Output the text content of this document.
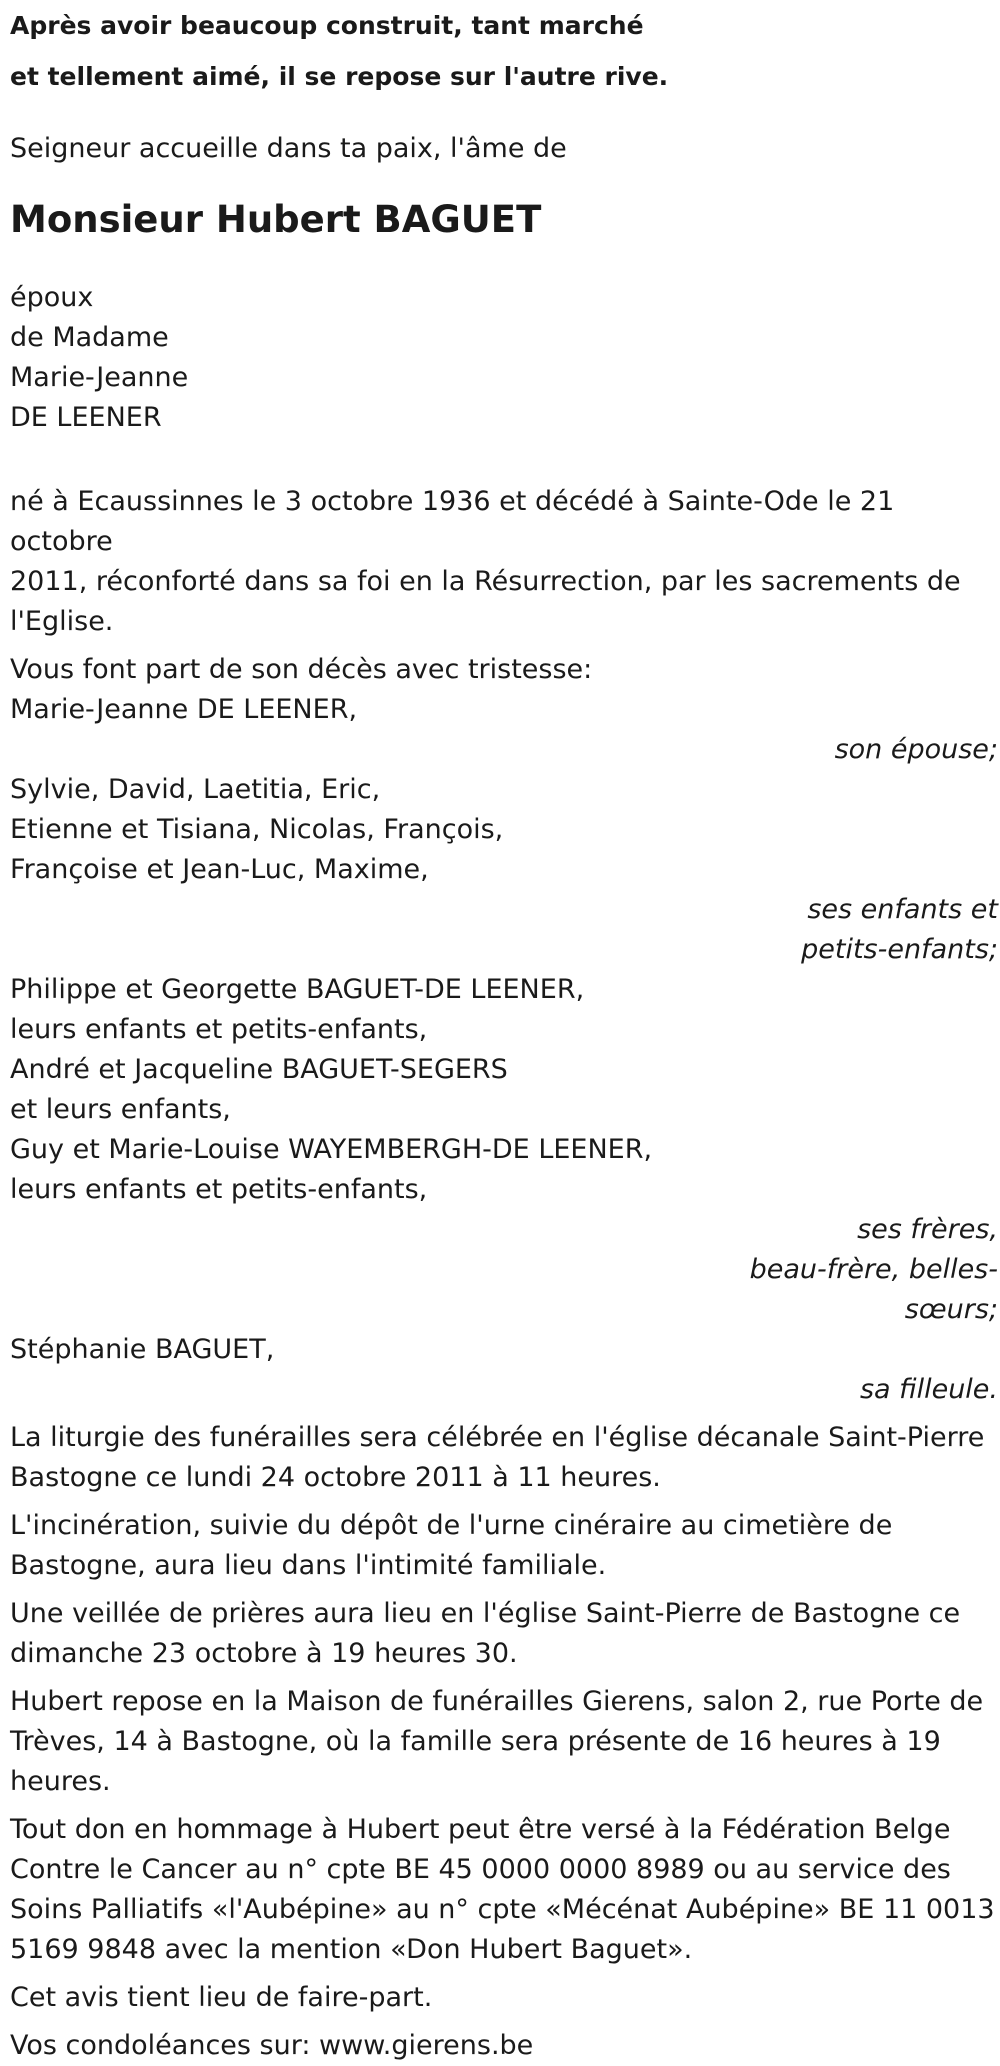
Après avoir beaucoup construit, tant marché

et tellement aimé, il se repose sur l'autre rive.

Seigneur accueille dans ta paix, l'âme de

Monsieur Hubert BAGUET

époux

de Madame

Marie-Jeanne

DE LEENER

né à Ecaussinnes le 3 octobre 1936 et décédé à Sainte-Ode le 21 octobre

2011, réconforté dans sa foi en la Résurrection, par les sacrements de

l'Eglise.

Vous font part de son décès avec tristesse:

Marie-Jeanne DE LEENER,

son épouse;

Sylvie, David, Laetitia, Eric,

Etienne et Tisiana, Nicolas, François,

Françoise et Jean-Luc, Maxime,

ses enfants et

petits-enfants;

Philippe et Georgette BAGUET-DE LEENER,

leurs enfants et petits-enfants,

André et Jacqueline BAGUET-SEGERS

et leurs enfants,

Guy et Marie-Louise WAYEMBERGH-DE LEENER,

leurs enfants et petits-enfants,

ses frères,

beau-frère, belles-

sœurs;

Stéphanie BAGUET,

sa filleule.

La liturgie des funérailles sera célébrée en l'église décanale Saint-Pierre

Bastogne ce lundi 24 octobre 2011 à 11 heures.

L'incinération, suivie du dépôt de l'urne cinéraire au cimetière de

Bastogne, aura lieu dans l'intimité familiale.

Une veillée de prières aura lieu en l'église Saint-Pierre de Bastogne ce

dimanche 23 octobre à 19 heures 30.

Hubert repose en la Maison de funérailles Gierens, salon 2, rue Porte de

Trèves, 14 à Bastogne, où la famille sera présente de 16 heures à 19

heures.

Tout don en hommage à Hubert peut être versé à la Fédération Belge

Contre le Cancer au n° cpte BE 45 0000 0000 8989 ou au service des

Soins Palliatifs «l'Aubépine» au n° cpte «Mécénat Aubépine» BE 11 0013

5169 9848 avec la mention «Don Hubert Baguet».

Cet avis tient lieu de faire-part.

Vos condoléances sur: www.gierens.be
